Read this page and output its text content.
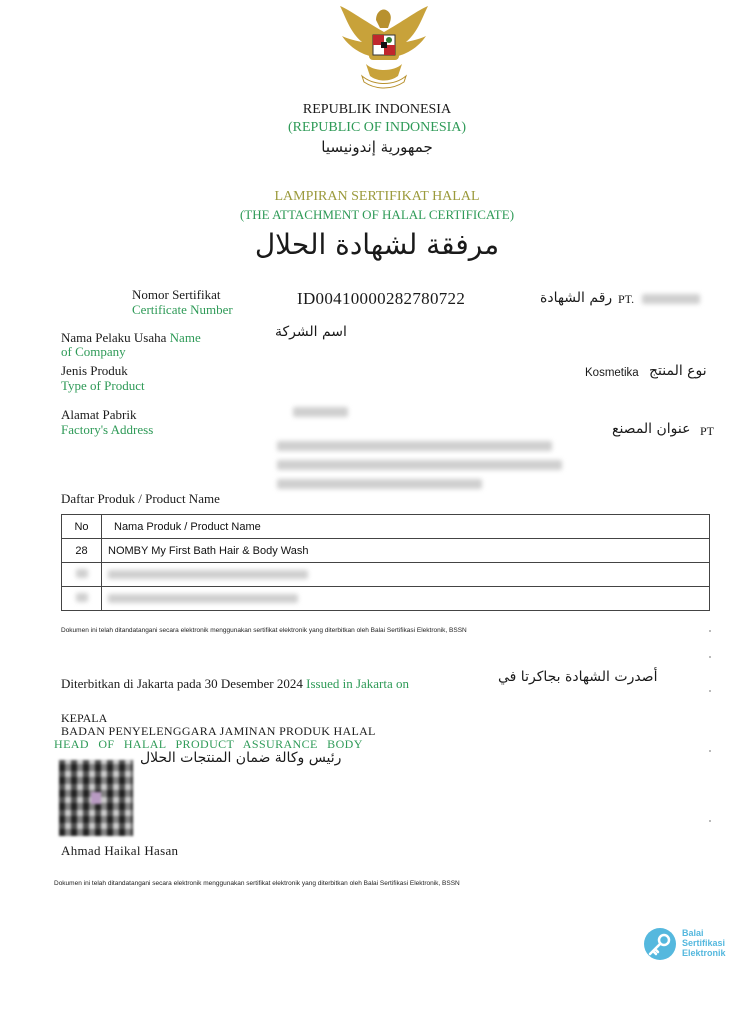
REPUBLIK INDONESIA
(REPUBLIC OF INDONESIA)
جمهورية إندونيسيا
LAMPIRAN SERTIFIKAT HALAL
(THE ATTACHMENT OF HALAL CERTIFICATE)
مرفقة لشهادة الحلال
Nomor Sertifikat
Certificate Number
ID00410000282780722	رقم الشهادة PT.
Nama Pelaku Usaha Name
of Company
اسم الشركة
Jenis Produk
Type of Product
Kosmetika نوع المنتج
Alamat Pabrik
Factory's Address	عنوان المصنع PT
Daftar Produk / Product Name
No	Nama Produk / Product Name
28	NOMBY My First Bath Hair & Body Wash

Dokumen ini telah ditandatangani secara elektronik menggunakan sertifikat elektronik yang diterbitkan oleh Balai Sertifikasi Elektronik, BSSN
Diterbitkan di Jakarta pada 30 Desember 2024 Issued in Jakarta on	أصدرت الشهادة بجاكرتا في
KEPALA
BADAN PENYELENGGARA JAMINAN PRODUK HALAL
HEAD OF HALAL PRODUCT ASSURANCE BODY
رئيس وكالة ضمان المنتجات الحلال
Ahmad Haikal Hasan
Dokumen ini telah ditandatangani secara elektronik menggunakan sertifikat elektronik yang diterbitkan oleh Balai Sertifikasi Elektronik, BSSN
Balai
Sertifikasi
Elektronik
